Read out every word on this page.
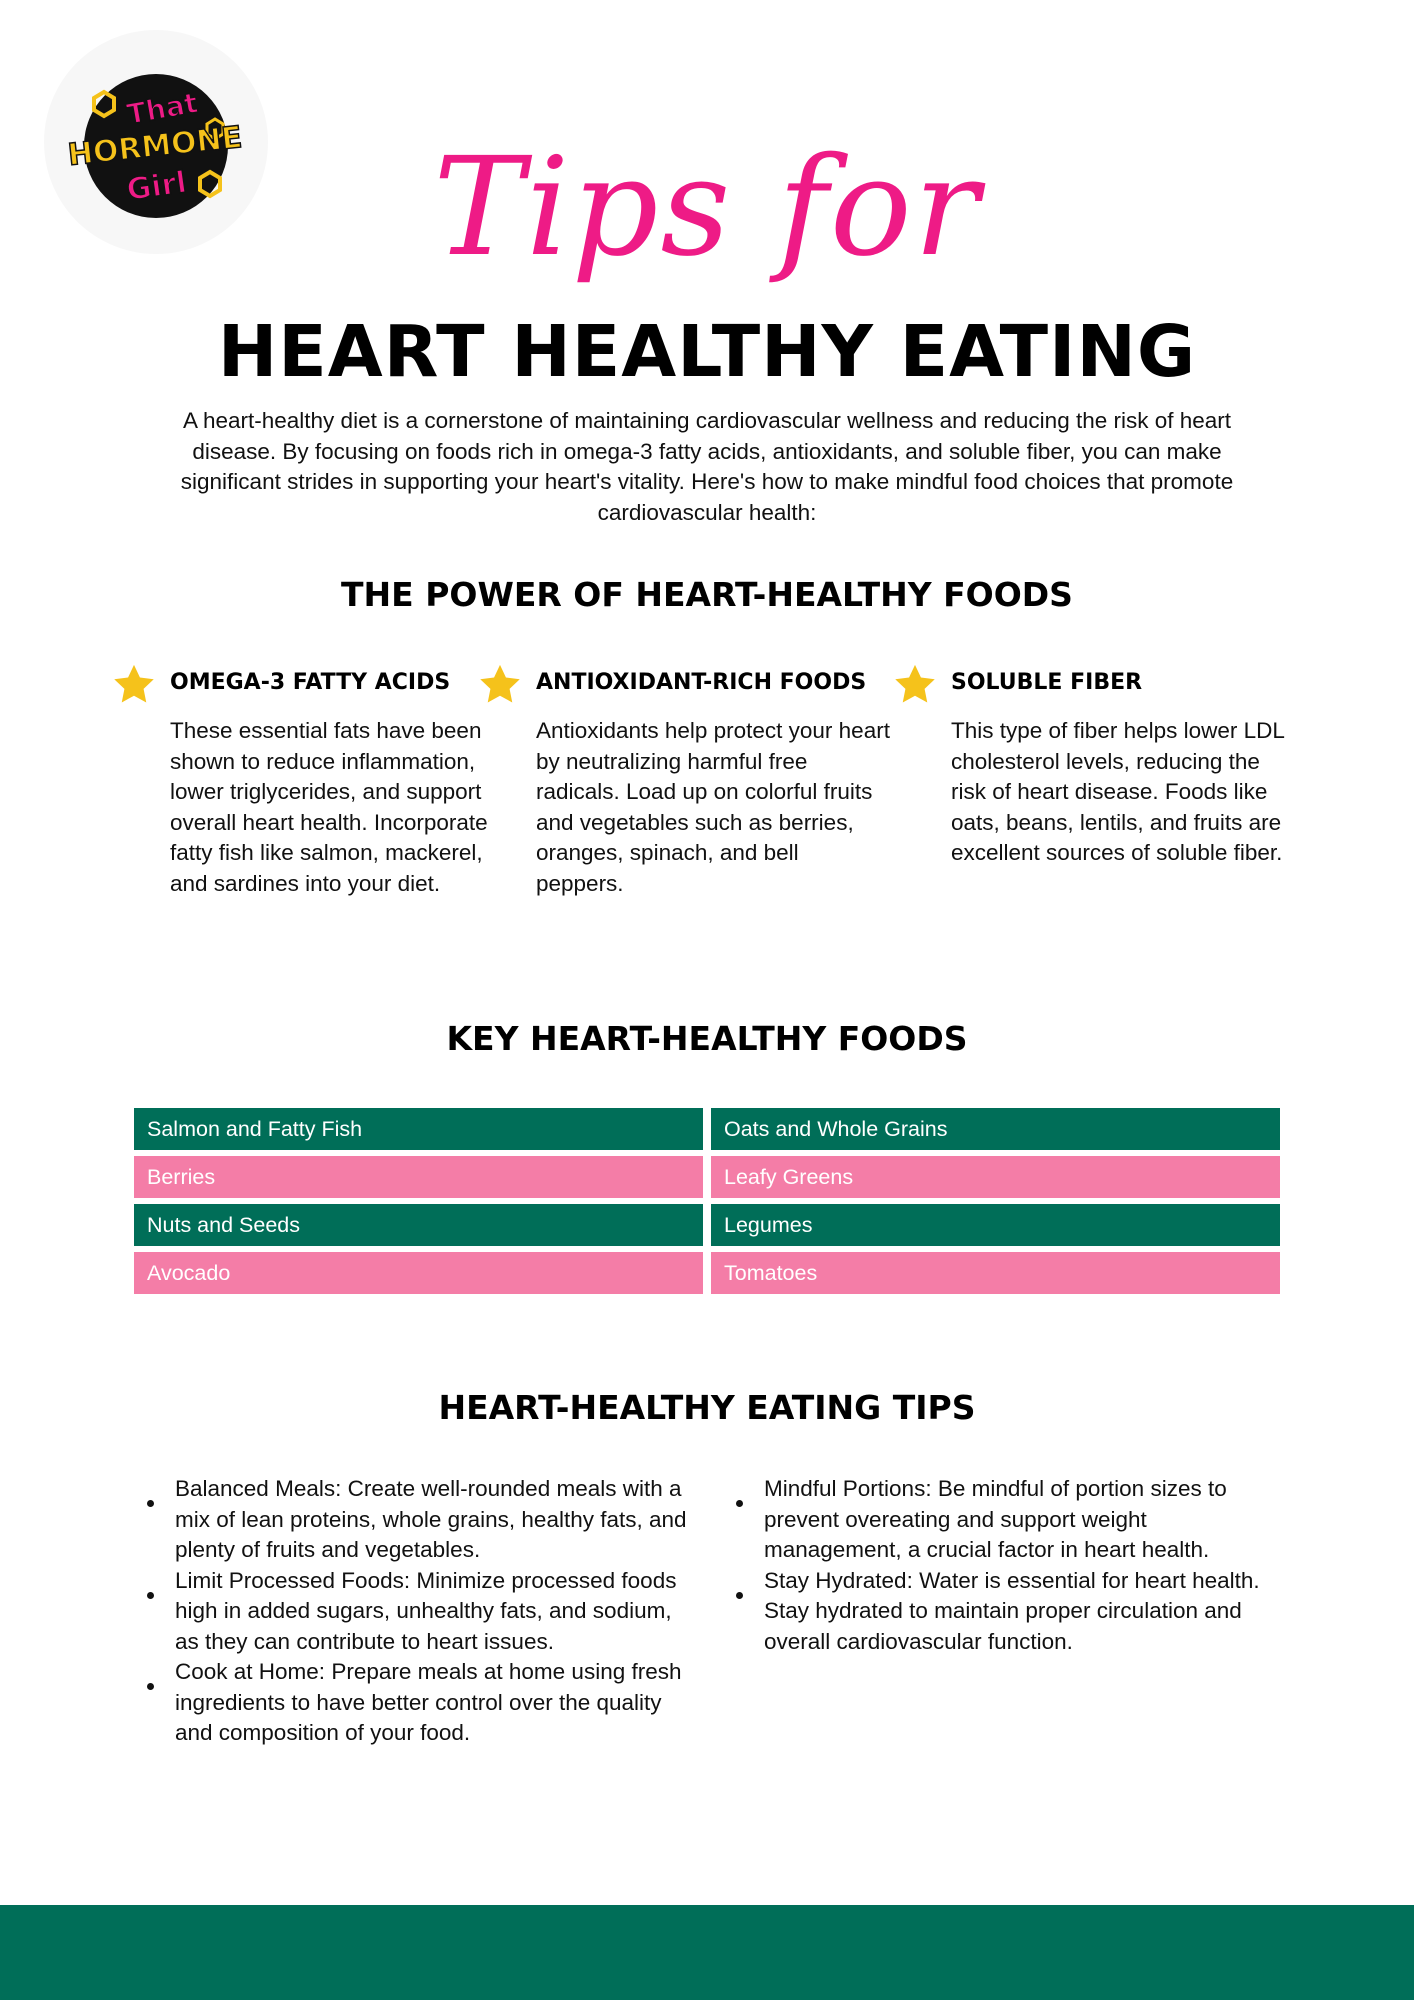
That
HORMONE
Girl	Tips for
HEART HEALTHY EATING
A heart-healthy diet is a cornerstone of maintaining cardiovascular wellness and reducing the risk of heart disease. By focusing on foods rich in omega-3 fatty acids, antioxidants, and soluble fiber, you can make significant strides in supporting your heart's vitality. Here's how to make mindful food choices that promote cardiovascular health:
THE POWER OF HEART-HEALTHY FOODS
OMEGA-3 FATTY ACIDS

These essential fats have been shown to reduce inflammation, lower triglycerides, and support overall heart health. Incorporate fatty fish like salmon, mackerel, and sardines into your diet.

ANTIOXIDANT-RICH FOODS

Antioxidants help protect your heart by neutralizing harmful free radicals. Load up on colorful fruits and vegetables such as berries, oranges, spinach, and bell peppers.

SOLUBLE FIBER

This type of fiber helps lower LDL cholesterol levels, reducing the risk of heart disease. Foods like oats, beans, lentils, and fruits are excellent sources of soluble fiber.

KEY HEART-HEALTHY FOODS
Salmon and Fatty Fish	Oats and Whole Grains
Berries	Leafy Greens
Nuts and Seeds	Legumes
Avocado	Tomatoes
HEART-HEALTHY EATING TIPS
Balanced Meals: Create well-rounded meals with a mix of lean proteins, whole grains, healthy fats, and plenty of fruits and vegetables.
Limit Processed Foods: Minimize processed foods high in added sugars, unhealthy fats, and sodium, as they can contribute to heart issues.
Cook at Home: Prepare meals at home using fresh ingredients to have better control over the quality and composition of your food.
Mindful Portions: Be mindful of portion sizes to prevent overeating and support weight management, a crucial factor in heart health.
Stay Hydrated: Water is essential for heart health. Stay hydrated to maintain proper circulation and overall cardiovascular function.
